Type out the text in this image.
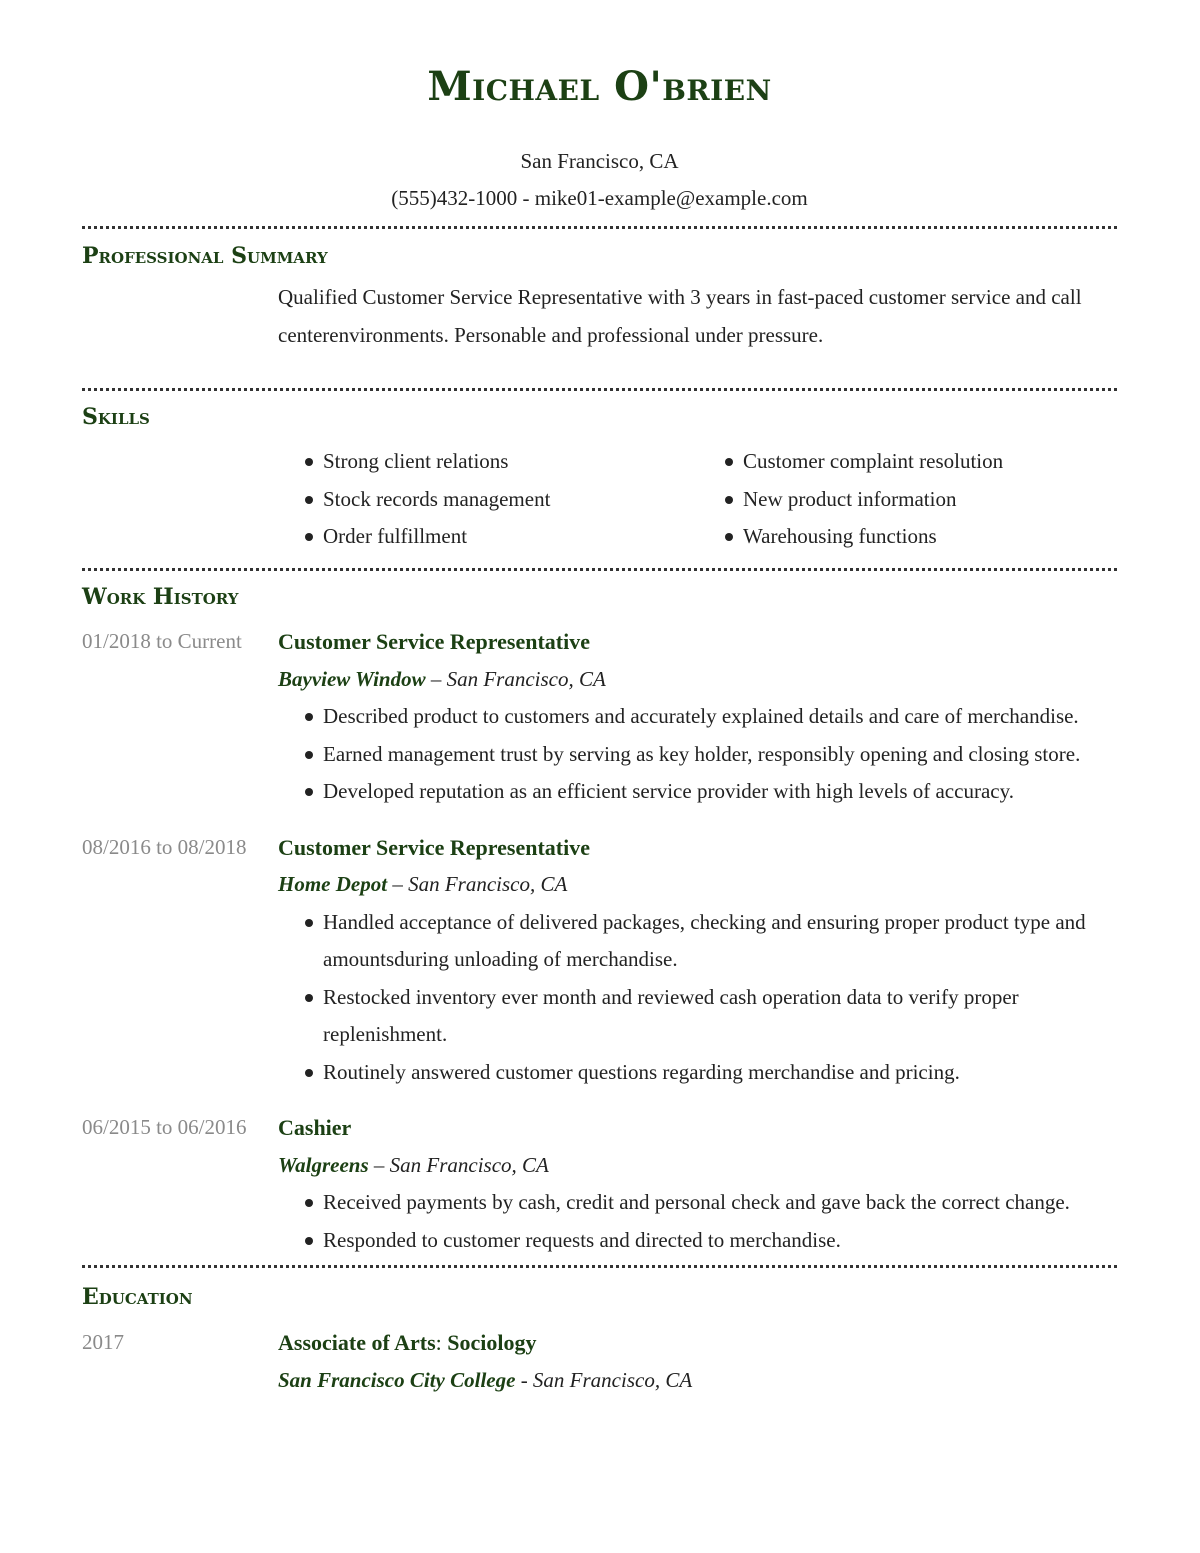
Michael O'brien
San Francisco, CA
(555)432-1000 - mike01-example@example.com
Professional Summary
Qualified Customer Service Representative with 3 years in fast-paced customer service and call centerenvironments. Personable and professional under pressure.
Skills
Strong client relations
Stock records management
Order fulfillment
Customer complaint resolution
New product information
Warehousing functions
Work History
01/2018 to Current	Customer Service Representative
Bayview Window – San Francisco, CA
Described product to customers and accurately explained details and care of merchandise.
Earned management trust by serving as key holder, responsibly opening and closing store.
Developed reputation as an efficient service provider with high levels of accuracy.
08/2016 to 08/2018	Customer Service Representative
Home Depot – San Francisco, CA
Handled acceptance of delivered packages, checking and ensuring proper product type and amountsduring unloading of merchandise.
Restocked inventory ever month and reviewed cash operation data to verify proper replenishment.
Routinely answered customer questions regarding merchandise and pricing.
06/2015 to 06/2016	Cashier
Walgreens – San Francisco, CA
Received payments by cash, credit and personal check and gave back the correct change.
Responded to customer requests and directed to merchandise.
Education
2017	Associate of Arts: Sociology
San Francisco City College - San Francisco, CA
